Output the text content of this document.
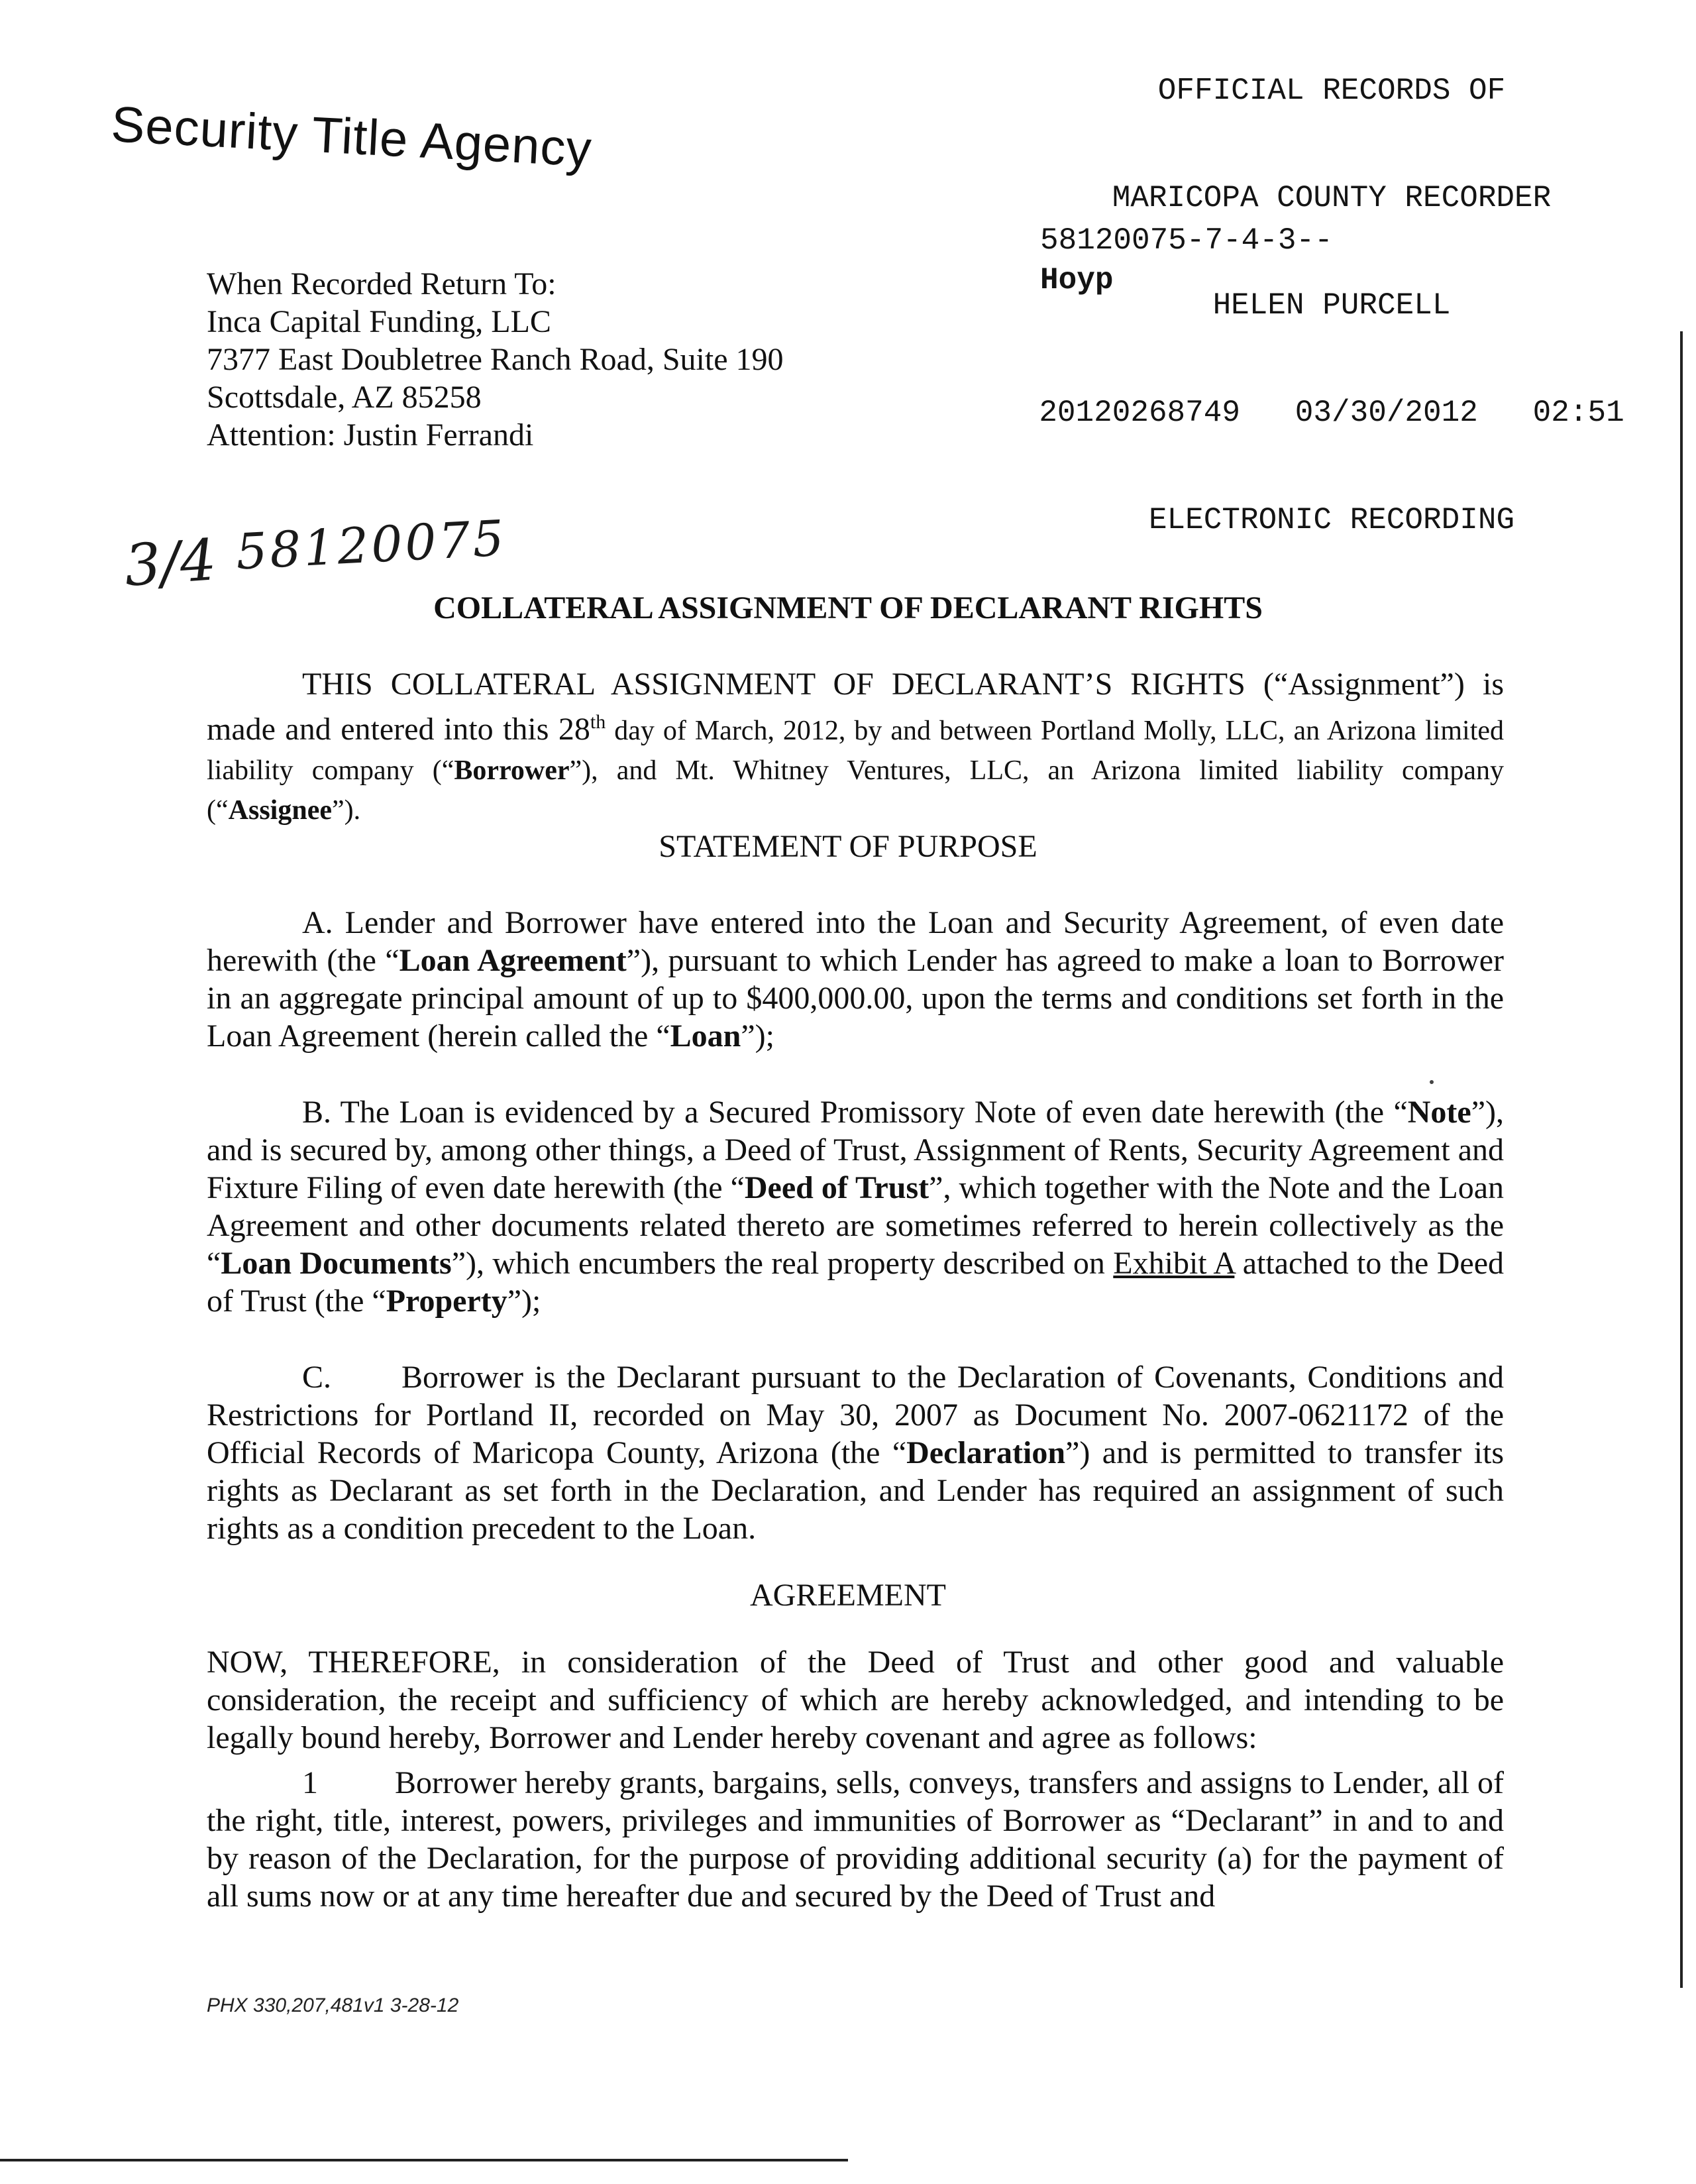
OFFICIAL RECORDS OF

MARICOPA COUNTY RECORDER

HELEN PURCELL

20120268749   03/30/2012   02:51

ELECTRONIC RECORDING

58120075-7-4-3--
Hoyp
Security Title Agency
When Recorded Return To:
Inca Capital Funding, LLC
7377 East Doubletree Ranch Road, Suite 190
Scottsdale, AZ 85258
Attention: Justin Ferrandi
3/4 58120075
COLLATERAL ASSIGNMENT OF DECLARANT RIGHTS
THIS COLLATERAL ASSIGNMENT OF DECLARANT’S RIGHTS (“Assignment”) is made and entered into this 28th day of March, 2012, by and between Portland Molly, LLC, an Arizona limited liability company (“Borrower”), and Mt. Whitney Ventures, LLC, an Arizona limited liability company (“Assignee”).
STATEMENT OF PURPOSE
A. Lender and Borrower have entered into the Loan and Security Agreement, of even date herewith (the “Loan Agreement”), pursuant to which Lender has agreed to make a loan to Borrower in an aggregate principal amount of up to $400,000.00, upon the terms and conditions set forth in the Loan Agreement (herein called the “Loan”);
B. The Loan is evidenced by a Secured Promissory Note of even date herewith (the “Note”), and is secured by, among other things, a Deed of Trust, Assignment of Rents, Security Agreement and Fixture Filing of even date herewith (the “Deed of Trust”, which together with the Note and the Loan Agreement and other documents related thereto are sometimes referred to herein collectively as the “Loan Documents”), which encumbers the real property described on Exhibit A attached to the Deed of Trust (the “Property”);
C. Borrower is the Declarant pursuant to the Declaration of Covenants, Conditions and Restrictions for Portland II, recorded on May 30, 2007 as Document No. 2007-0621172 of the Official Records of Maricopa County, Arizona (the “Declaration”) and is permitted to transfer its rights as Declarant as set forth in the Declaration, and Lender has required an assignment of such rights as a condition precedent to the Loan.
AGREEMENT
NOW, THEREFORE, in consideration of the Deed of Trust and other good and valuable consideration, the receipt and sufficiency of which are hereby acknowledged, and intending to be legally bound hereby, Borrower and Lender hereby covenant and agree as follows:
1 Borrower hereby grants, bargains, sells, conveys, transfers and assigns to Lender, all of the right, title, interest, powers, privileges and immunities of Borrower as “Declarant” in and to and by reason of the Declaration, for the purpose of providing additional security (a) for the payment of all sums now or at any time hereafter due and secured by the Deed of Trust and
PHX 330,207,481v1 3-28-12
